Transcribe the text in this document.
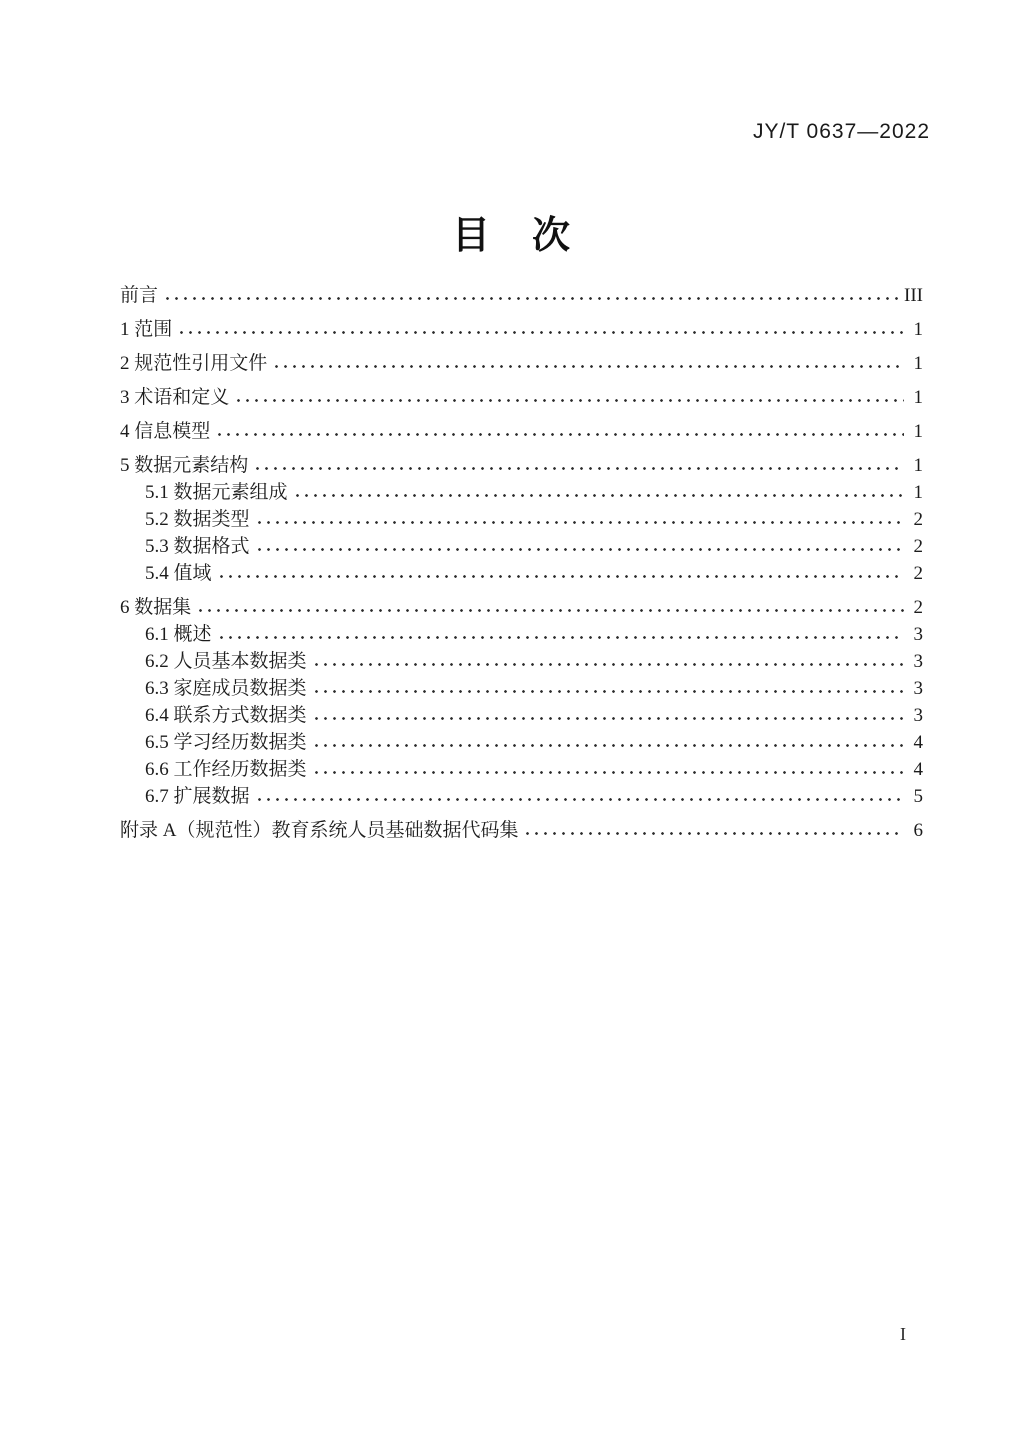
JY/T 0637—2022
目　次
前言	III
1 范围	1
2 规范性引用文件	1
3 术语和定义	1
4 信息模型	1
5 数据元素结构	1
5.1 数据元素组成	1
5.2 数据类型	2
5.3 数据格式	2
5.4 值域	2
6 数据集	2
6.1 概述	3
6.2 人员基本数据类	3
6.3 家庭成员数据类	3
6.4 联系方式数据类	3
6.5 学习经历数据类	4
6.6 工作经历数据类	4
6.7 扩展数据	5
附录 A（规范性）教育系统人员基础数据代码集	6
I
